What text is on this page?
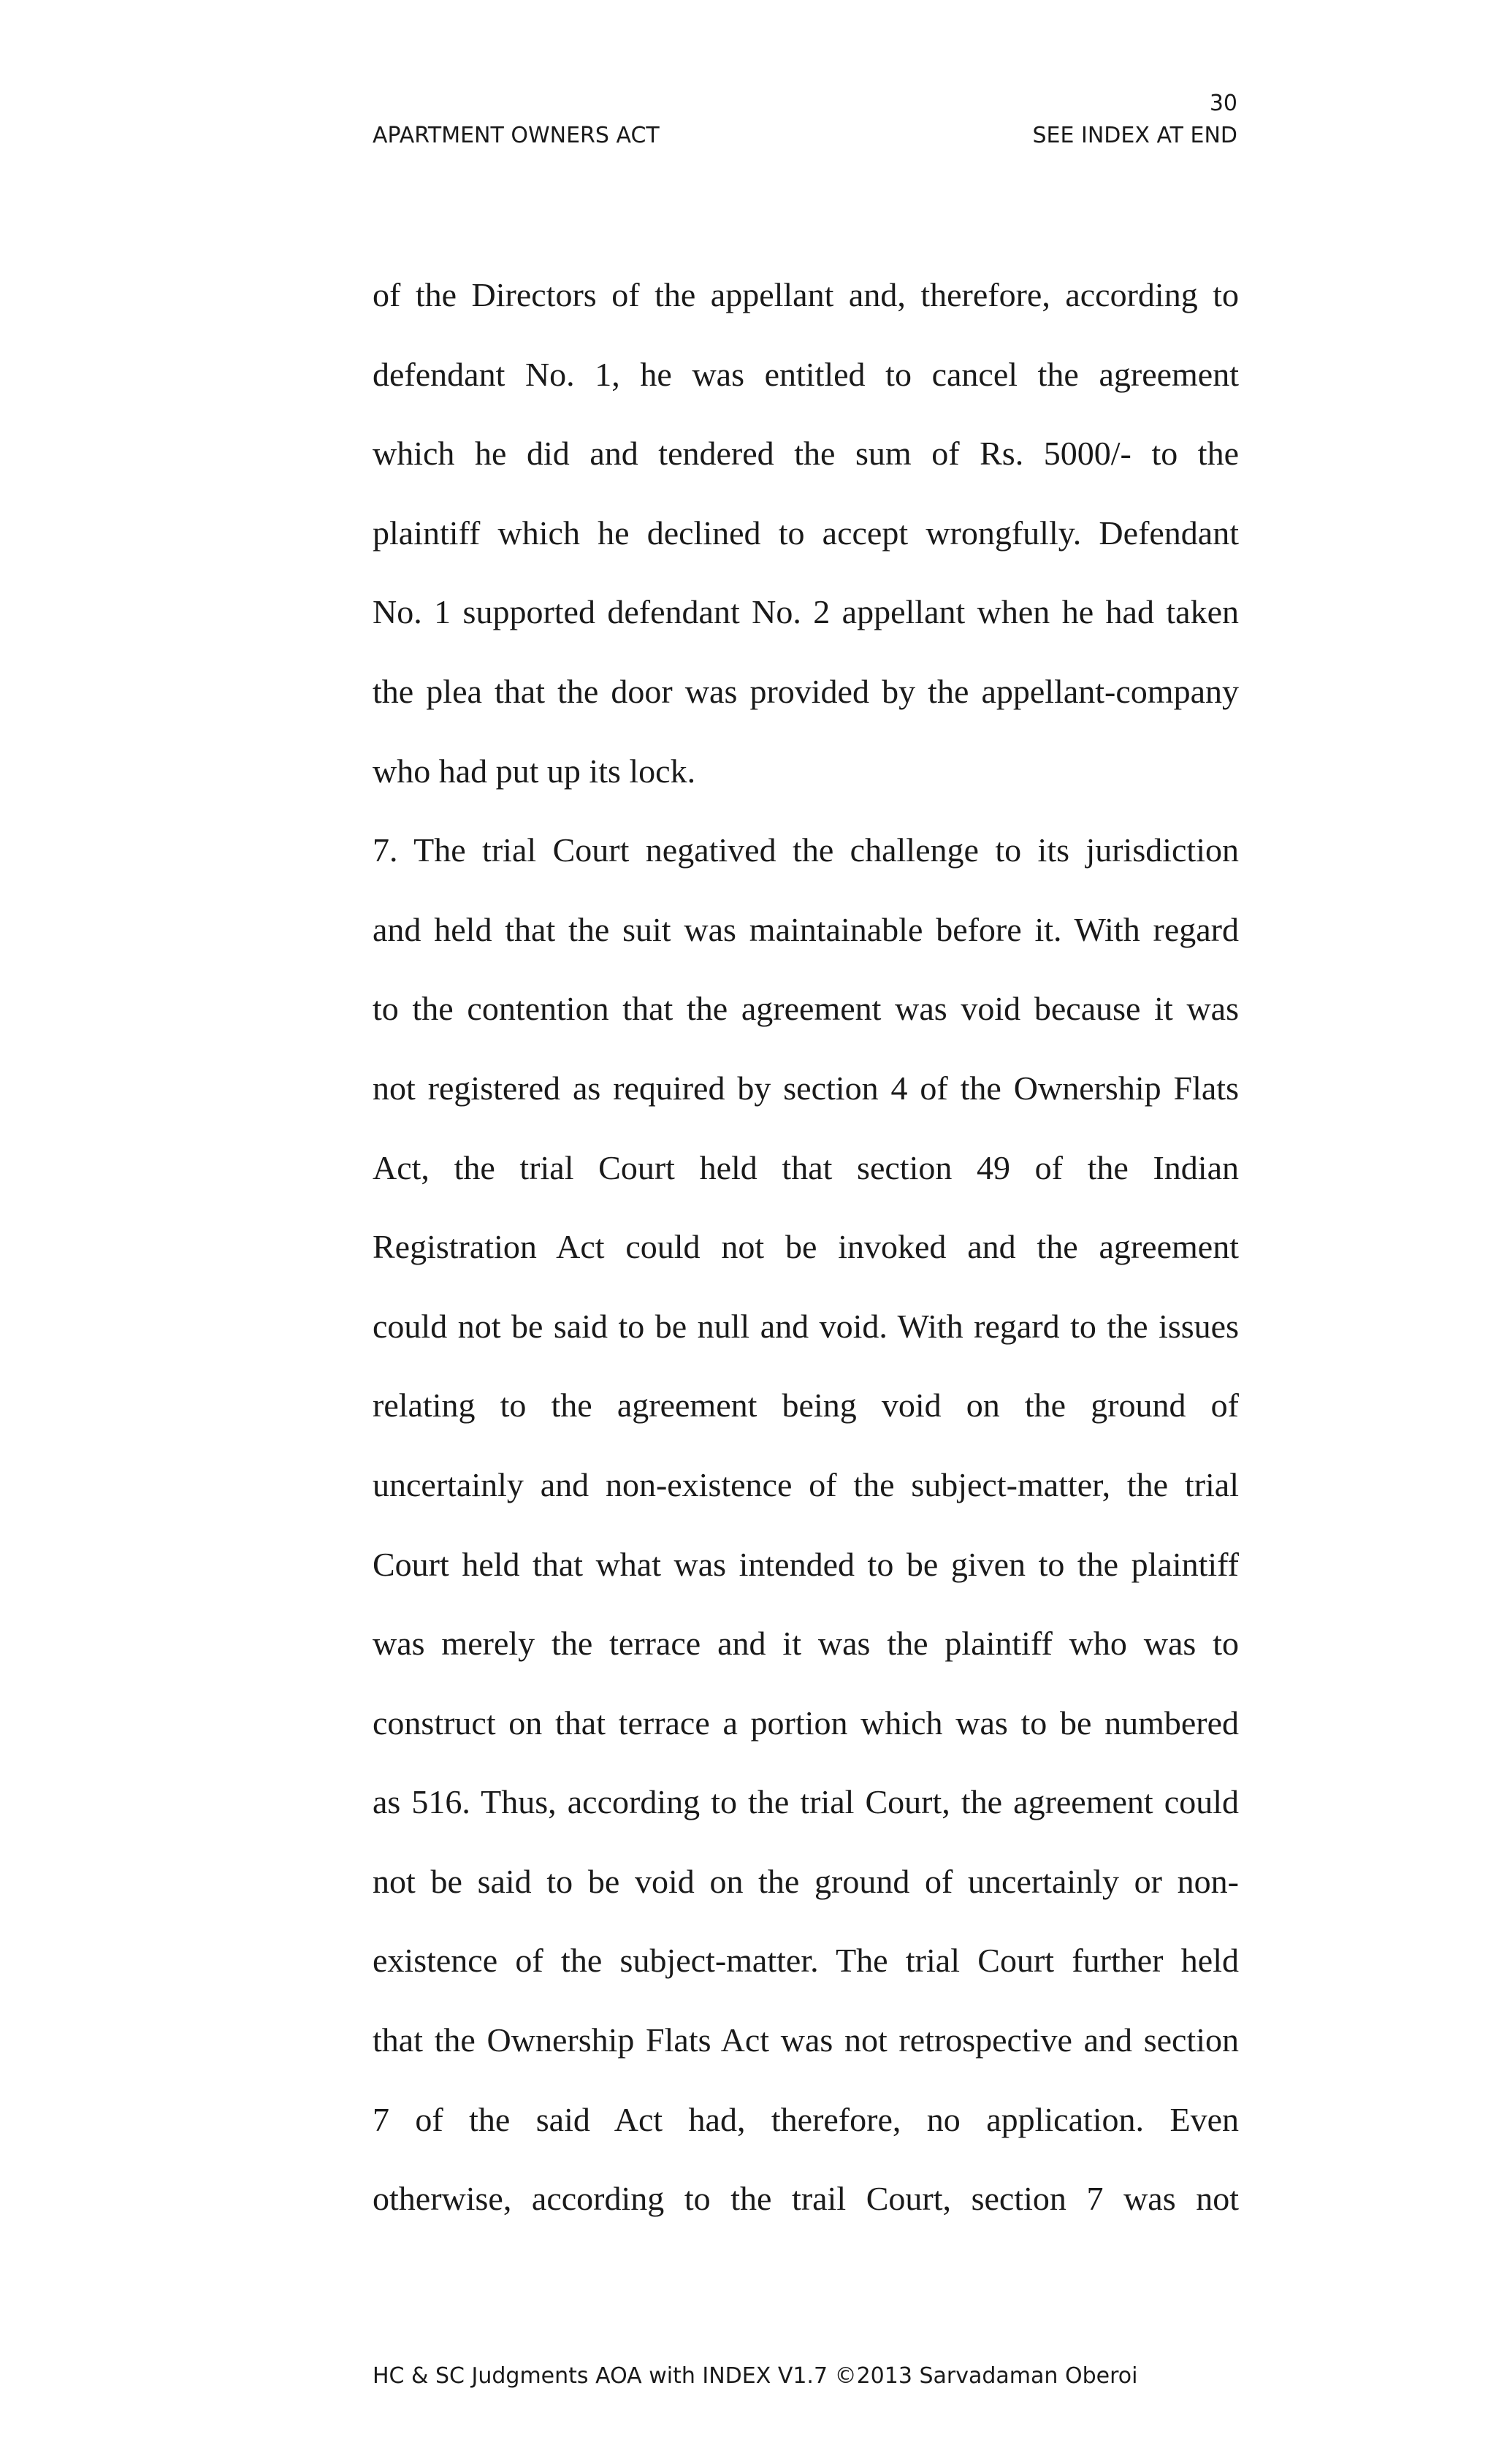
30
APARTMENT OWNERS ACT	SEE INDEX AT END
of the Directors of the appellant and, therefore, according to
defendant No. 1, he was entitled to cancel the agreement
which he did and tendered the sum of Rs. 5000/- to the
plaintiff which he declined to accept wrongfully. Defendant
No. 1 supported defendant No. 2 appellant when he had taken
the plea that the door was provided by the appellant-company
who had put up its lock.
7. The trial Court negatived the challenge to its jurisdiction
and held that the suit was maintainable before it. With regard
to the contention that the agreement was void because it was
not registered as required by section 4 of the Ownership Flats
Act, the trial Court held that section 49 of the Indian
Registration Act could not be invoked and the agreement
could not be said to be null and void. With regard to the issues
relating to the agreement being void on the ground of
uncertainly and non-existence of the subject-matter, the trial
Court held that what was intended to be given to the plaintiff
was merely the terrace and it was the plaintiff who was to
construct on that terrace a portion which was to be numbered
as 516. Thus, according to the trial Court, the agreement could
not be said to be void on the ground of uncertainly or non-
existence of the subject-matter. The trial Court further held
that the Ownership Flats Act was not retrospective and section
7 of the said Act had, therefore, no application. Even
otherwise, according to the trail Court, section 7 was not
HC & SC Judgments AOA with INDEX V1.7 ©2013 Sarvadaman Oberoi
